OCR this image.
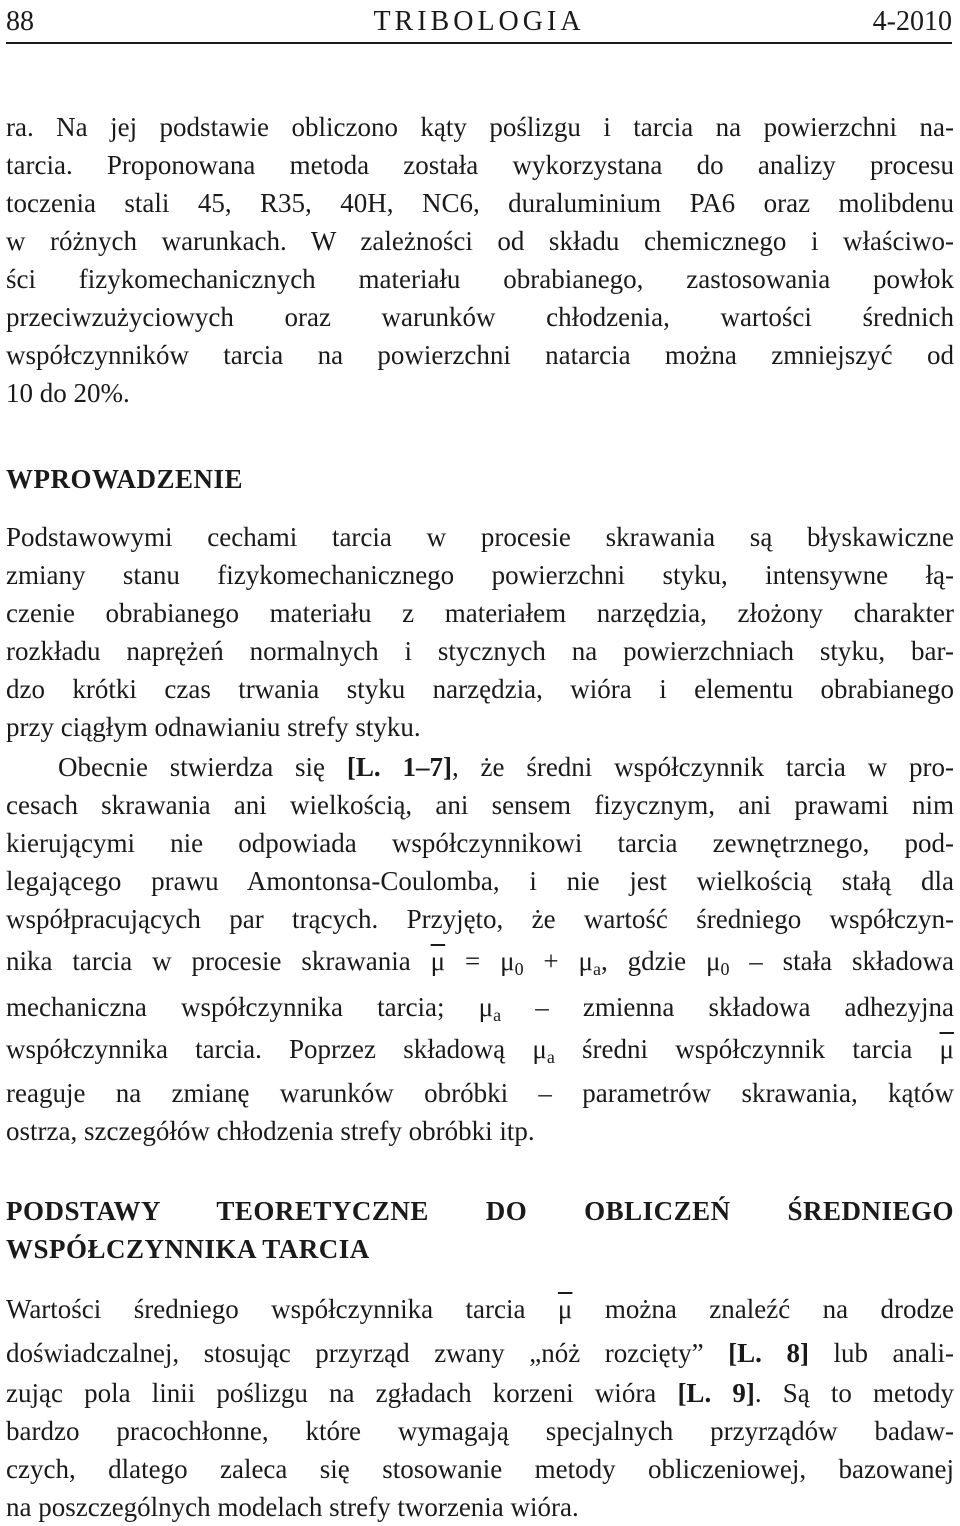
88	TRIBOLOGIA	4-2010
ra. Na jej podstawie obliczono kąty poślizgu i tarcia na powierzchni na-
tarcia. Proponowana metoda została wykorzystana do analizy procesu
toczenia stali 45, R35, 40H, NC6, duraluminium PA6 oraz molibdenu
w różnych warunkach. W zależności od składu chemicznego i właściwo-
ści fizykomechanicznych materiału obrabianego, zastosowania powłok
przeciwzużyciowych oraz warunków chłodzenia, wartości średnich
współczynników tarcia na powierzchni natarcia można zmniejszyć od
10 do 20%.
WPROWADZENIE
Podstawowymi cechami tarcia w procesie skrawania są błyskawiczne
zmiany stanu fizykomechanicznego powierzchni styku, intensywne łą-
czenie obrabianego materiału z materiałem narzędzia, złożony charakter
rozkładu naprężeń normalnych i stycznych na powierzchniach styku, bar-
dzo krótki czas trwania styku narzędzia, wióra i elementu obrabianego
przy ciągłym odnawianiu strefy styku.
Obecnie stwierdza się [L. 1–7], że średni współczynnik tarcia w pro-
cesach skrawania ani wielkością, ani sensem fizycznym, ani prawami nim
kierującymi nie odpowiada współczynnikowi tarcia zewnętrznego, pod-
legającego prawu Amontonsa-Coulomba, i nie jest wielkością stałą dla
współpracujących par trących. Przyjęto, że wartość średniego współczyn-
nika tarcia w procesie skrawania $\overline{\mu} = \mu_0 + \mu_a$, gdzie $\mu_0$ – stała składowa
mechaniczna współczynnika tarcia; $\mu_a$ – zmienna składowa adhezyjna
współczynnika tarcia. Poprzez składową $\mu_a$ średni współczynnik tarcia $\overline{\mu}$
reaguje na zmianę warunków obróbki – parametrów skrawania, kątów
ostrza, szczegółów chłodzenia strefy obróbki itp.
PODSTAWY TEORETYCZNE DO OBLICZEŃ ŚREDNIEGO
WSPÓŁCZYNNIKA TARCIA
Wartości średniego współczynnika tarcia $\overline{\mu}$ można znaleźć na drodze
doświadczalnej, stosując przyrząd zwany „nóż rozcięty” [L. 8] lub anali-
zując pola linii poślizgu na zgładach korzeni wióra [L. 9]. Są to metody
bardzo pracochłonne, które wymagają specjalnych przyrządów badaw-
czych, dlatego zaleca się stosowanie metody obliczeniowej, bazowanej
na poszczególnych modelach strefy tworzenia wióra.
